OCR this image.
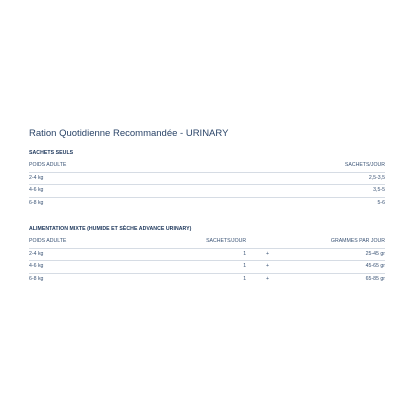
Ration Quotidienne Recommandée - URINARY
SACHETS SEULS
POIDS ADULTE	SACHETS/JOUR
2-4 kg	2,5-3,5
4-6 kg	3,5-5
6-8 kg	5-6
ALIMENTATION MIXTE (HUMIDE ET SÈCHE ADVANCE URINARY)
POIDS ADULTE	SACHETS/JOUR		GRAMMES PAR JOUR
2-4 kg	1	+	25-45 gr
4-6 kg	1	+	45-65 gr
6-8 kg	1	+	65-85 gr
